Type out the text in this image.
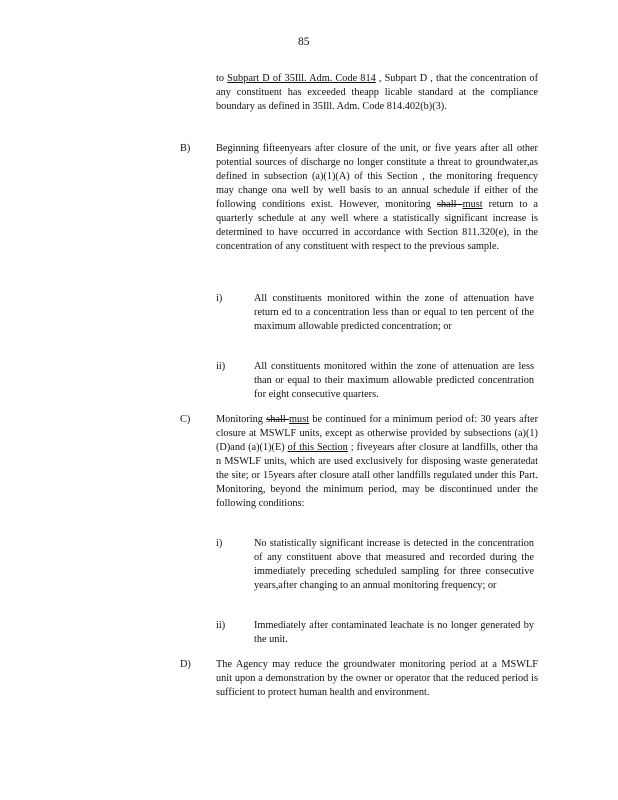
85

to Subpart D of 35Ill. Adm. Code 814 , Subpart D , that the concentration of any constituent has exceeded theapp licable standard at the compliance boundary as defined in 35Ill. Adm. Code 814.402(b)(3).

B) Beginning fifteenyears after closure of the unit, or five years after all other potential sources of discharge no longer constitute a threat to groundwater,as defined in subsection (a)(1)(A) of this Section , the monitoring frequency may change ona well by well basis to an annual schedule if either of the following conditions exist. However, monitoring shall must return to a quarterly schedule at any well where a statistically significant increase is determined to have occurred in accordance with Section 811.320(e), in the concentration of any constituent with respect to the previous sample.

i)	All constituents monitored within the zone of attenuation have return ed to a concentration less than or equal to ten percent of the maximum allowable predicted concentration; or
ii)	All constituents monitored within the zone of attenuation are less than or equal to their maximum allowable predicted concentration for eight consecutive quarters.
C) Monitoring shall must be continued for a minimum period of: 30 years after closure at MSWLF units, except as otherwise provided by subsections (a)(1)(D)and (a)(1)(E) of this Section ; fiveyears after closure at landfills, other tha n MSWLF units, which are used exclusively for disposing waste generatedat the site; or 15years after closure atall other landfills regulated under this Part. Monitoring, beyond the minimum period, may be discontinued under the following conditions:

i)	No statistically significant increase is detected in the concentration of any constituent above that measured and recorded during the immediately preceding scheduled sampling for three consecutive years,after changing to an annual monitoring frequency; or
ii)	Immediately after contaminated leachate is no longer generated by the unit.
D) The Agency may reduce the groundwater monitoring period at a MSWLF unit upon a demonstration by the owner or operator that the reduced period is sufficient to protect human health and environment.
